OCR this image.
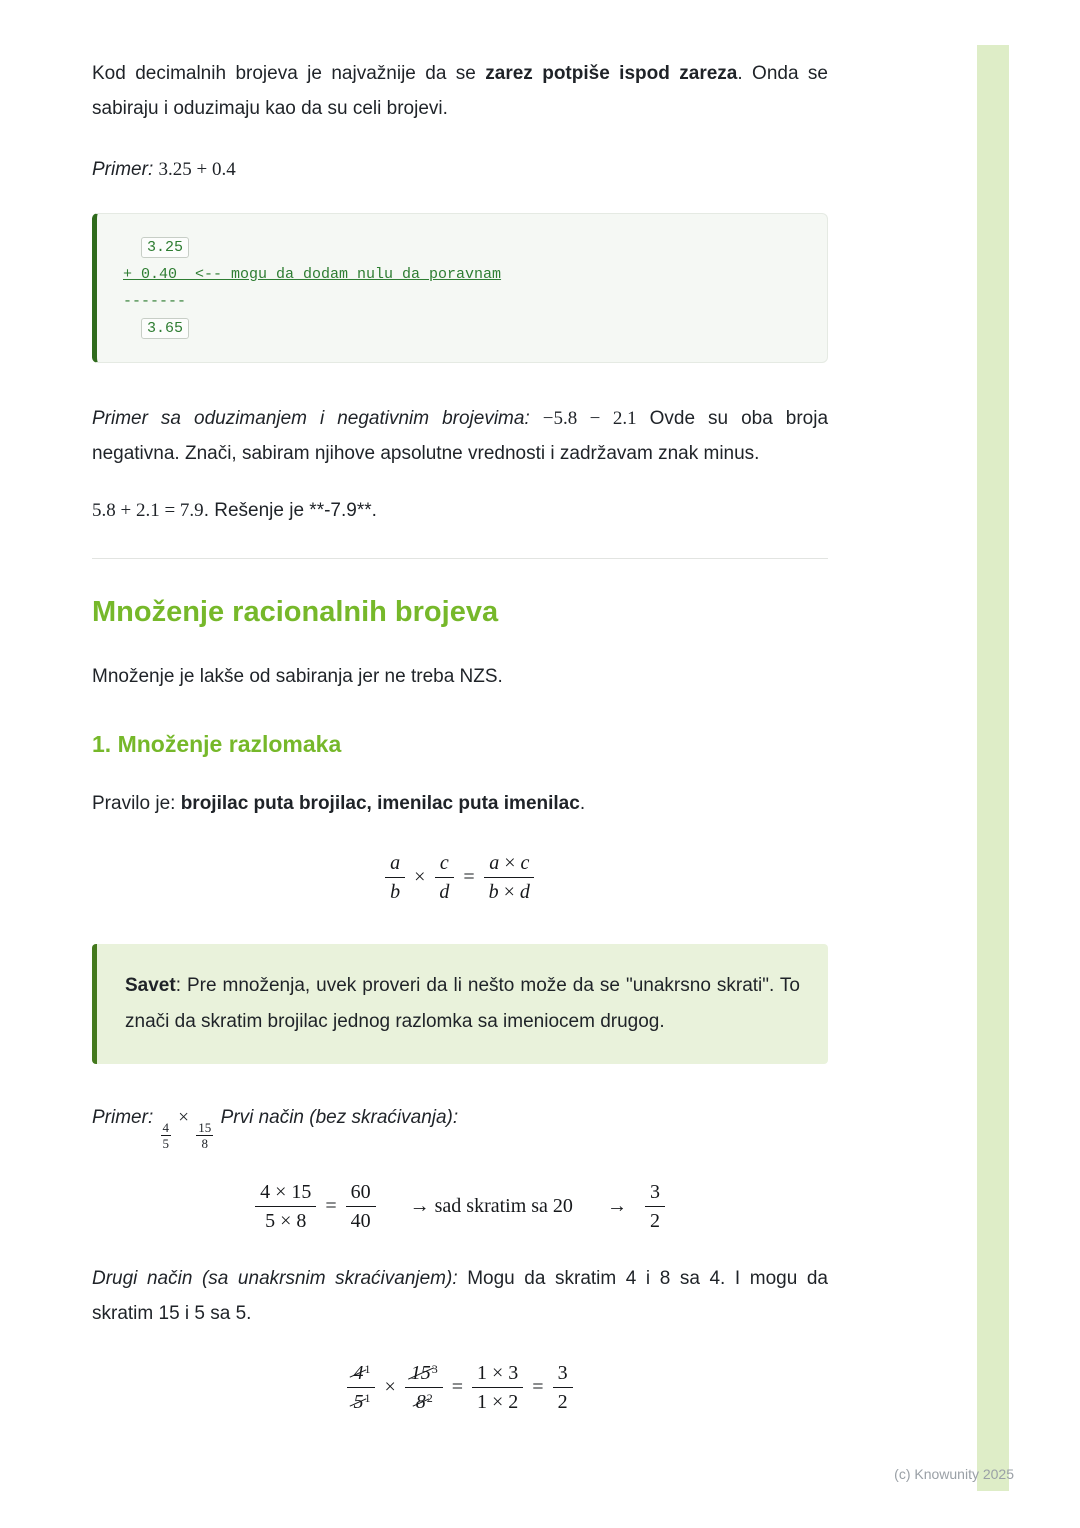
Kod decimalnih brojeva je najvažnije da se zarez potpiše ispod zareza. Onda se sabiraju i oduzimaju kao da su celi brojevi.

Primer: 3.25 + 0.4

3.25
+ 0.40  <-- mogu da dodam nulu da poravnam
-------
3.65

Primer sa oduzimanjem i negativnim brojevima: −5.8 − 2.1 Ovde su oba broja negativna. Znači, sabiram njihove apsolutne vrednosti i zadržavam znak minus.

5.8 + 2.1 = 7.9. Rešenje je **-7.9**.

Množenje racionalnih brojeva

Množenje je lakše od sabiranja jer ne treba NZS.

1. Množenje razlomaka

Pravilo je: brojilac puta brojilac, imenilac puta imenilac.

$\frac{a}{b} \times \frac{c}{d} = \frac{a \times c}{b \times d}$
Savet: Pre množenja, uvek proveri da li nešto može da se "unakrsno skrati". To znači da skratim brojilac jednog razlomka sa imeniocem drugog.

Primer:
$\frac{4}{5}$
×
$\frac{15}{8}$
Prvi način (bez skraćivanja):

$\frac{4 \times 15}{5 \times 8} = \frac{60}{40}$ → sad skratim sa $20 \to \frac{3}{2}$

Drugi način (sa unakrsnim skraćivanjem): Mogu da skratim 4 i 8 sa 4. I mogu da skratim 15 i 5 sa 5.

$\frac{4^1}{5^1} \times \frac{15^3}{8^2} = \frac{1 \times 3}{1 \times 2} = \frac{3}{2}$
(c) Knowunity 2025
